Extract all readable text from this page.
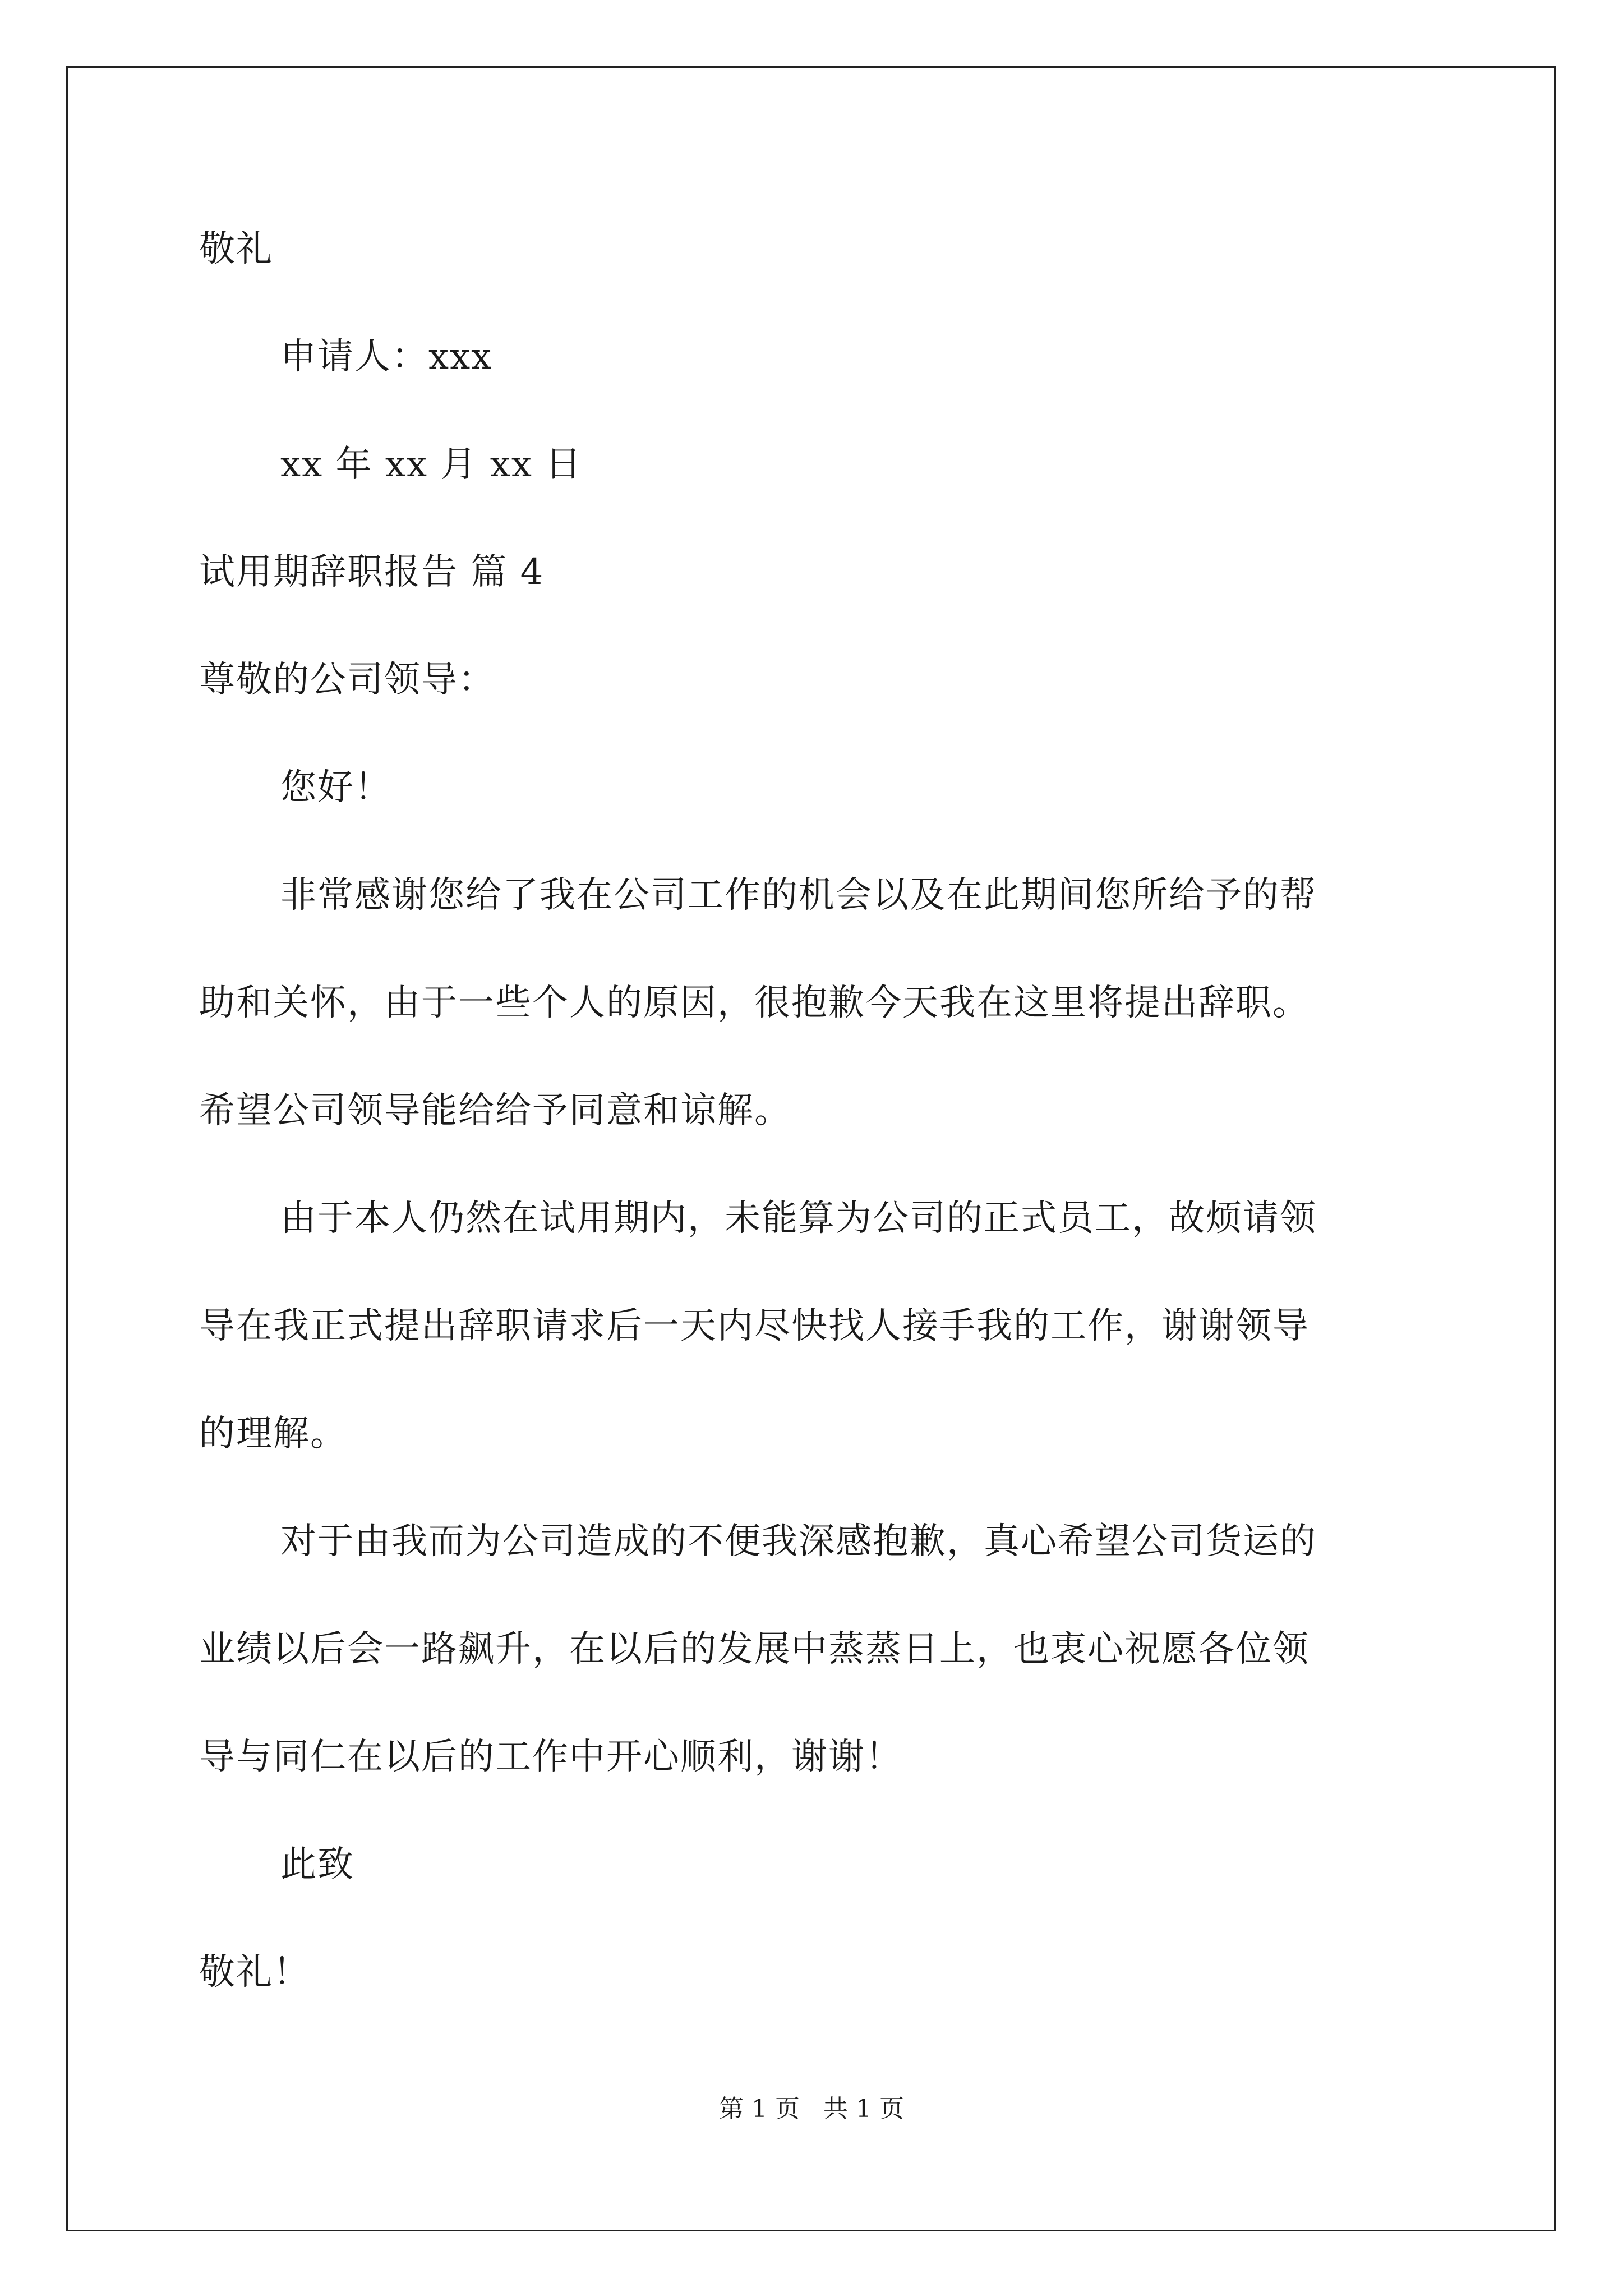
敬礼
申请人：xxx
xx 年 xx 月 xx 日
试用期辞职报告 篇 4
尊敬的公司领导：
您好！
非常感谢您给了我在公司工作的机会以及在此期间您所给予的帮
助和关怀，由于一些个人的原因，很抱歉今天我在这里将提出辞职。
希望公司领导能给给予同意和谅解。
由于本人仍然在试用期内，未能算为公司的正式员工，故烦请领
导在我正式提出辞职请求后一天内尽快找人接手我的工作，谢谢领导
的理解。
对于由我而为公司造成的不便我深感抱歉，真心希望公司货运的
业绩以后会一路飙升，在以后的发展中蒸蒸日上，也衷心祝愿各位领
导与同仁在以后的工作中开心顺利，谢谢！
此致
敬礼！
第 1 页   共 1 页
